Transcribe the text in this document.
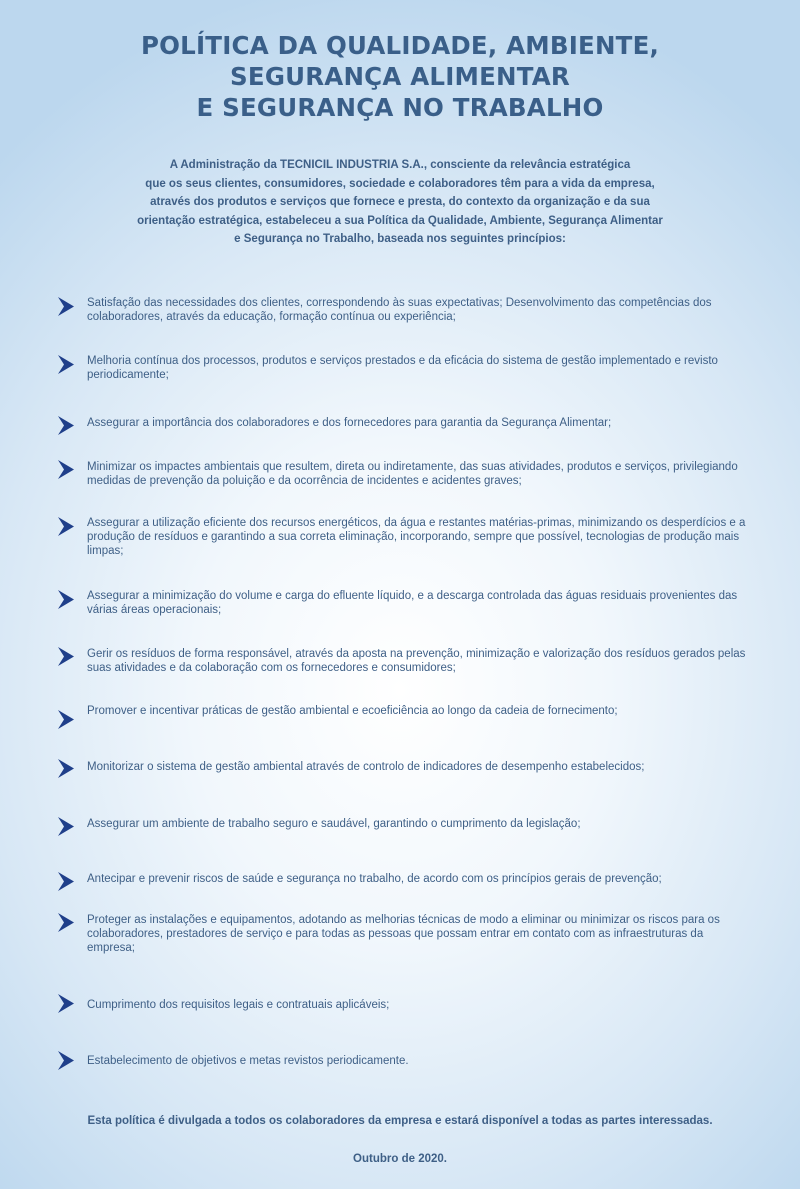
POLÍTICA DA QUALIDADE, AMBIENTE,
SEGURANÇA ALIMENTAR
E SEGURANÇA NO TRABALHO

A Administração da TECNICIL INDUSTRIA S.A., consciente da relevância estratégica
que os seus clientes, consumidores, sociedade e colaboradores têm para a vida da empresa,
através dos produtos e serviços que fornece e presta, do contexto da organização e da sua
orientação estratégica, estabeleceu a sua Política da Qualidade, Ambiente, Segurança Alimentar
e Segurança no Trabalho, baseada nos seguintes princípios:

Satisfação das necessidades dos clientes, correspondendo às suas expectativas; Desenvolvimento das competências dos colaboradores, através da educação, formação contínua ou experiência;

Melhoria contínua dos processos, produtos e serviços prestados e da eficácia do sistema de gestão implementado e revisto periodicamente;

Assegurar a importância dos colaboradores e dos fornecedores para garantia da Segurança Alimentar;

Minimizar os impactes ambientais que resultem, direta ou indiretamente, das suas atividades, produtos e serviços, privilegiando medidas de prevenção da poluição e da ocorrência de incidentes e acidentes graves;

Assegurar a utilização eficiente dos recursos energéticos, da água e restantes matérias-primas, minimizando os desperdícios e a produção de resíduos e garantindo a sua correta eliminação, incorporando, sempre que possível, tecnologias de produção mais limpas;

Assegurar a minimização do volume e carga do efluente líquido, e a descarga controlada das águas residuais provenientes das várias áreas operacionais;

Gerir os resíduos de forma responsável, através da aposta na prevenção, minimização e valorização dos resíduos gerados pelas suas atividades e da colaboração com os fornecedores e consumidores;

Promover e incentivar práticas de gestão ambiental e ecoeficiência ao longo da cadeia de fornecimento;

Monitorizar o sistema de gestão ambiental através de controlo de indicadores de desempenho estabelecidos;

Assegurar um ambiente de trabalho seguro e saudável, garantindo o cumprimento da legislação;

Antecipar e prevenir riscos de saúde e segurança no trabalho, de acordo com os princípios gerais de prevenção;

Proteger as instalações e equipamentos, adotando as melhorias técnicas de modo a eliminar ou minimizar os riscos para os colaboradores, prestadores de serviço e para todas as pessoas que possam entrar em contato com as infraestruturas da empresa;

Cumprimento dos requisitos legais e contratuais aplicáveis;

Estabelecimento de objetivos e metas revistos periodicamente.

Esta política é divulgada a todos os colaboradores da empresa e estará disponível a todas as partes interessadas.

Outubro de 2020.
